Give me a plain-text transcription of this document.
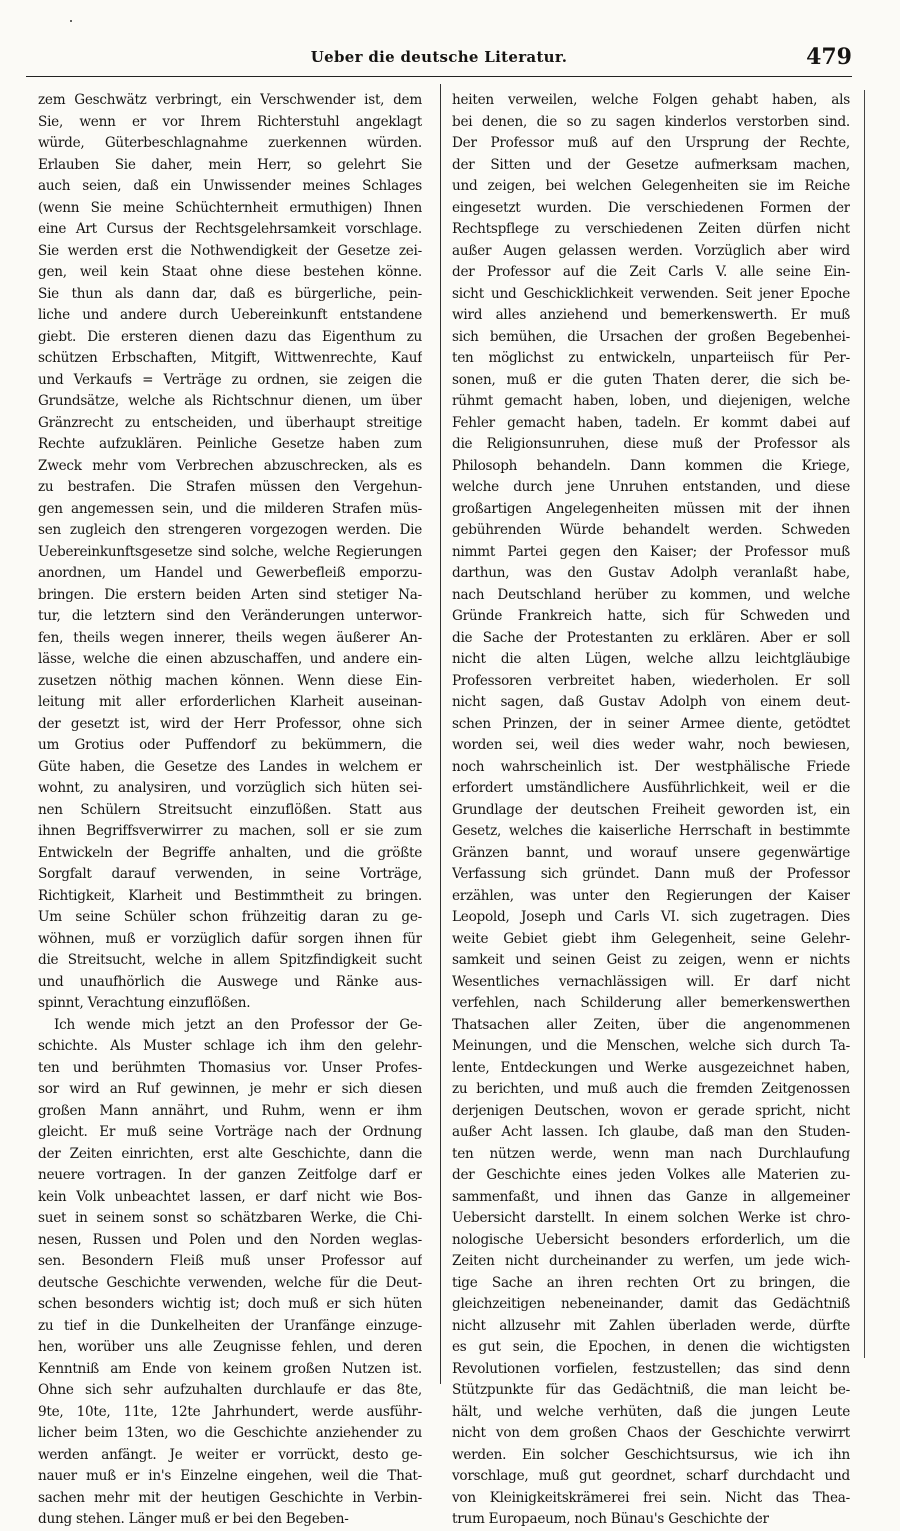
Ueber die deutsche Literatur.	479
zem Geschwätz verbringt, ein Verschwender ist, dem
Sie, wenn er vor Ihrem Richterstuhl angeklagt
würde, Güterbeschlagnahme zuerkennen würden.
Erlauben Sie daher, mein Herr, so gelehrt Sie
auch seien, daß ein Unwissender meines Schlages
(wenn Sie meine Schüchternheit ermuthigen) Ihnen
eine Art Cursus der Rechtsgelehrsamkeit vorschlage.
Sie werden erst die Nothwendigkeit der Gesetze zei-
gen, weil kein Staat ohne diese bestehen könne.
Sie thun als dann dar, daß es bürgerliche, pein-
liche und andere durch Uebereinkunft entstandene
giebt. Die ersteren dienen dazu das Eigenthum zu
schützen Erbschaften, Mitgift, Wittwenrechte, Kauf
und Verkaufs = Verträge zu ordnen, sie zeigen die
Grundsätze, welche als Richtschnur dienen, um über
Gränzrecht zu entscheiden, und überhaupt streitige
Rechte aufzuklären. Peinliche Gesetze haben zum
Zweck mehr vom Verbrechen abzuschrecken, als es
zu bestrafen. Die Strafen müssen den Vergehun-
gen angemessen sein, und die milderen Strafen müs-
sen zugleich den strengeren vorgezogen werden. Die
Uebereinkunftsgesetze sind solche, welche Regierungen
anordnen, um Handel und Gewerbefleiß emporzu-
bringen. Die erstern beiden Arten sind stetiger Na-
tur, die letztern sind den Veränderungen unterwor-
fen, theils wegen innerer, theils wegen äußerer An-
lässe, welche die einen abzuschaffen, und andere ein-
zusetzen nöthig machen können. Wenn diese Ein-
leitung mit aller erforderlichen Klarheit auseinan-
der gesetzt ist, wird der Herr Professor, ohne sich
um Grotius oder Puffendorf zu bekümmern, die
Güte haben, die Gesetze des Landes in welchem er
wohnt, zu analysiren, und vorzüglich sich hüten sei-
nen Schülern Streitsucht einzuflößen. Statt aus
ihnen Begriffsverwirrer zu machen, soll er sie zum
Entwickeln der Begriffe anhalten, und die größte
Sorgfalt darauf verwenden, in seine Vorträge,
Richtigkeit, Klarheit und Bestimmtheit zu bringen.
Um seine Schüler schon frühzeitig daran zu ge-
wöhnen, muß er vorzüglich dafür sorgen ihnen für
die Streitsucht, welche in allem Spitzfindigkeit sucht
und unaufhörlich die Auswege und Ränke aus-
spinnt, Verachtung einzuflößen.
Ich wende mich jetzt an den Professor der Ge-
schichte. Als Muster schlage ich ihm den gelehr-
ten und berühmten Thomasius vor. Unser Profes-
sor wird an Ruf gewinnen, je mehr er sich diesen
großen Mann annährt, und Ruhm, wenn er ihm
gleicht. Er muß seine Vorträge nach der Ordnung
der Zeiten einrichten, erst alte Geschichte, dann die
neuere vortragen. In der ganzen Zeitfolge darf er
kein Volk unbeachtet lassen, er darf nicht wie Bos-
suet in seinem sonst so schätzbaren Werke, die Chi-
nesen, Russen und Polen und den Norden weglas-
sen. Besondern Fleiß muß unser Professor auf
deutsche Geschichte verwenden, welche für die Deut-
schen besonders wichtig ist; doch muß er sich hüten
zu tief in die Dunkelheiten der Uranfänge einzuge-
hen, worüber uns alle Zeugnisse fehlen, und deren
Kenntniß am Ende von keinem großen Nutzen ist.
Ohne sich sehr aufzuhalten durchlaufe er das 8te,
9te, 10te, 11te, 12te Jahrhundert, werde ausführ-
licher beim 13ten, wo die Geschichte anziehender zu
werden anfängt. Je weiter er vorrückt, desto ge-
nauer muß er in's Einzelne eingehen, weil die That-
sachen mehr mit der heutigen Geschichte in Verbin-
dung stehen. Länger muß er bei den Begeben-
heiten verweilen, welche Folgen gehabt haben, als
bei denen, die so zu sagen kinderlos verstorben sind.
Der Professor muß auf den Ursprung der Rechte,
der Sitten und der Gesetze aufmerksam machen,
und zeigen, bei welchen Gelegenheiten sie im Reiche
eingesetzt wurden. Die verschiedenen Formen der
Rechtspflege zu verschiedenen Zeiten dürfen nicht
außer Augen gelassen werden. Vorzüglich aber wird
der Professor auf die Zeit Carls V. alle seine Ein-
sicht und Geschicklichkeit verwenden. Seit jener Epoche
wird alles anziehend und bemerkenswerth. Er muß
sich bemühen, die Ursachen der großen Begebenhei-
ten möglichst zu entwickeln, unparteiisch für Per-
sonen, muß er die guten Thaten derer, die sich be-
rühmt gemacht haben, loben, und diejenigen, welche
Fehler gemacht haben, tadeln. Er kommt dabei auf
die Religionsunruhen, diese muß der Professor als
Philosoph behandeln. Dann kommen die Kriege,
welche durch jene Unruhen entstanden, und diese
großartigen Angelegenheiten müssen mit der ihnen
gebührenden Würde behandelt werden. Schweden
nimmt Partei gegen den Kaiser; der Professor muß
darthun, was den Gustav Adolph veranlaßt habe,
nach Deutschland herüber zu kommen, und welche
Gründe Frankreich hatte, sich für Schweden und
die Sache der Protestanten zu erklären. Aber er soll
nicht die alten Lügen, welche allzu leichtgläubige
Professoren verbreitet haben, wiederholen. Er soll
nicht sagen, daß Gustav Adolph von einem deut-
schen Prinzen, der in seiner Armee diente, getödtet
worden sei, weil dies weder wahr, noch bewiesen,
noch wahrscheinlich ist. Der westphälische Friede
erfordert umständlichere Ausführlichkeit, weil er die
Grundlage der deutschen Freiheit geworden ist, ein
Gesetz, welches die kaiserliche Herrschaft in bestimmte
Gränzen bannt, und worauf unsere gegenwärtige
Verfassung sich gründet. Dann muß der Professor
erzählen, was unter den Regierungen der Kaiser
Leopold, Joseph und Carls VI. sich zugetragen. Dies
weite Gebiet giebt ihm Gelegenheit, seine Gelehr-
samkeit und seinen Geist zu zeigen, wenn er nichts
Wesentliches vernachlässigen will. Er darf nicht
verfehlen, nach Schilderung aller bemerkenswerthen
Thatsachen aller Zeiten, über die angenommenen
Meinungen, und die Menschen, welche sich durch Ta-
lente, Entdeckungen und Werke ausgezeichnet haben,
zu berichten, und muß auch die fremden Zeitgenossen
derjenigen Deutschen, wovon er gerade spricht, nicht
außer Acht lassen. Ich glaube, daß man den Studen-
ten nützen werde, wenn man nach Durchlaufung
der Geschichte eines jeden Volkes alle Materien zu-
sammenfaßt, und ihnen das Ganze in allgemeiner
Uebersicht darstellt. In einem solchen Werke ist chro-
nologische Uebersicht besonders erforderlich, um die
Zeiten nicht durcheinander zu werfen, um jede wich-
tige Sache an ihren rechten Ort zu bringen, die
gleichzeitigen nebeneinander, damit das Gedächtniß
nicht allzusehr mit Zahlen überladen werde, dürfte
es gut sein, die Epochen, in denen die wichtigsten
Revolutionen vorfielen, festzustellen; das sind denn
Stützpunkte für das Gedächtniß, die man leicht be-
hält, und welche verhüten, daß die jungen Leute
nicht von dem großen Chaos der Geschichte verwirrt
werden. Ein solcher Geschichtsursus, wie ich ihn
vorschlage, muß gut geordnet, scharf durchdacht und
von Kleinigkeitskrämerei frei sein. Nicht das Thea-
trum Europaeum, noch Bünau's Geschichte der
